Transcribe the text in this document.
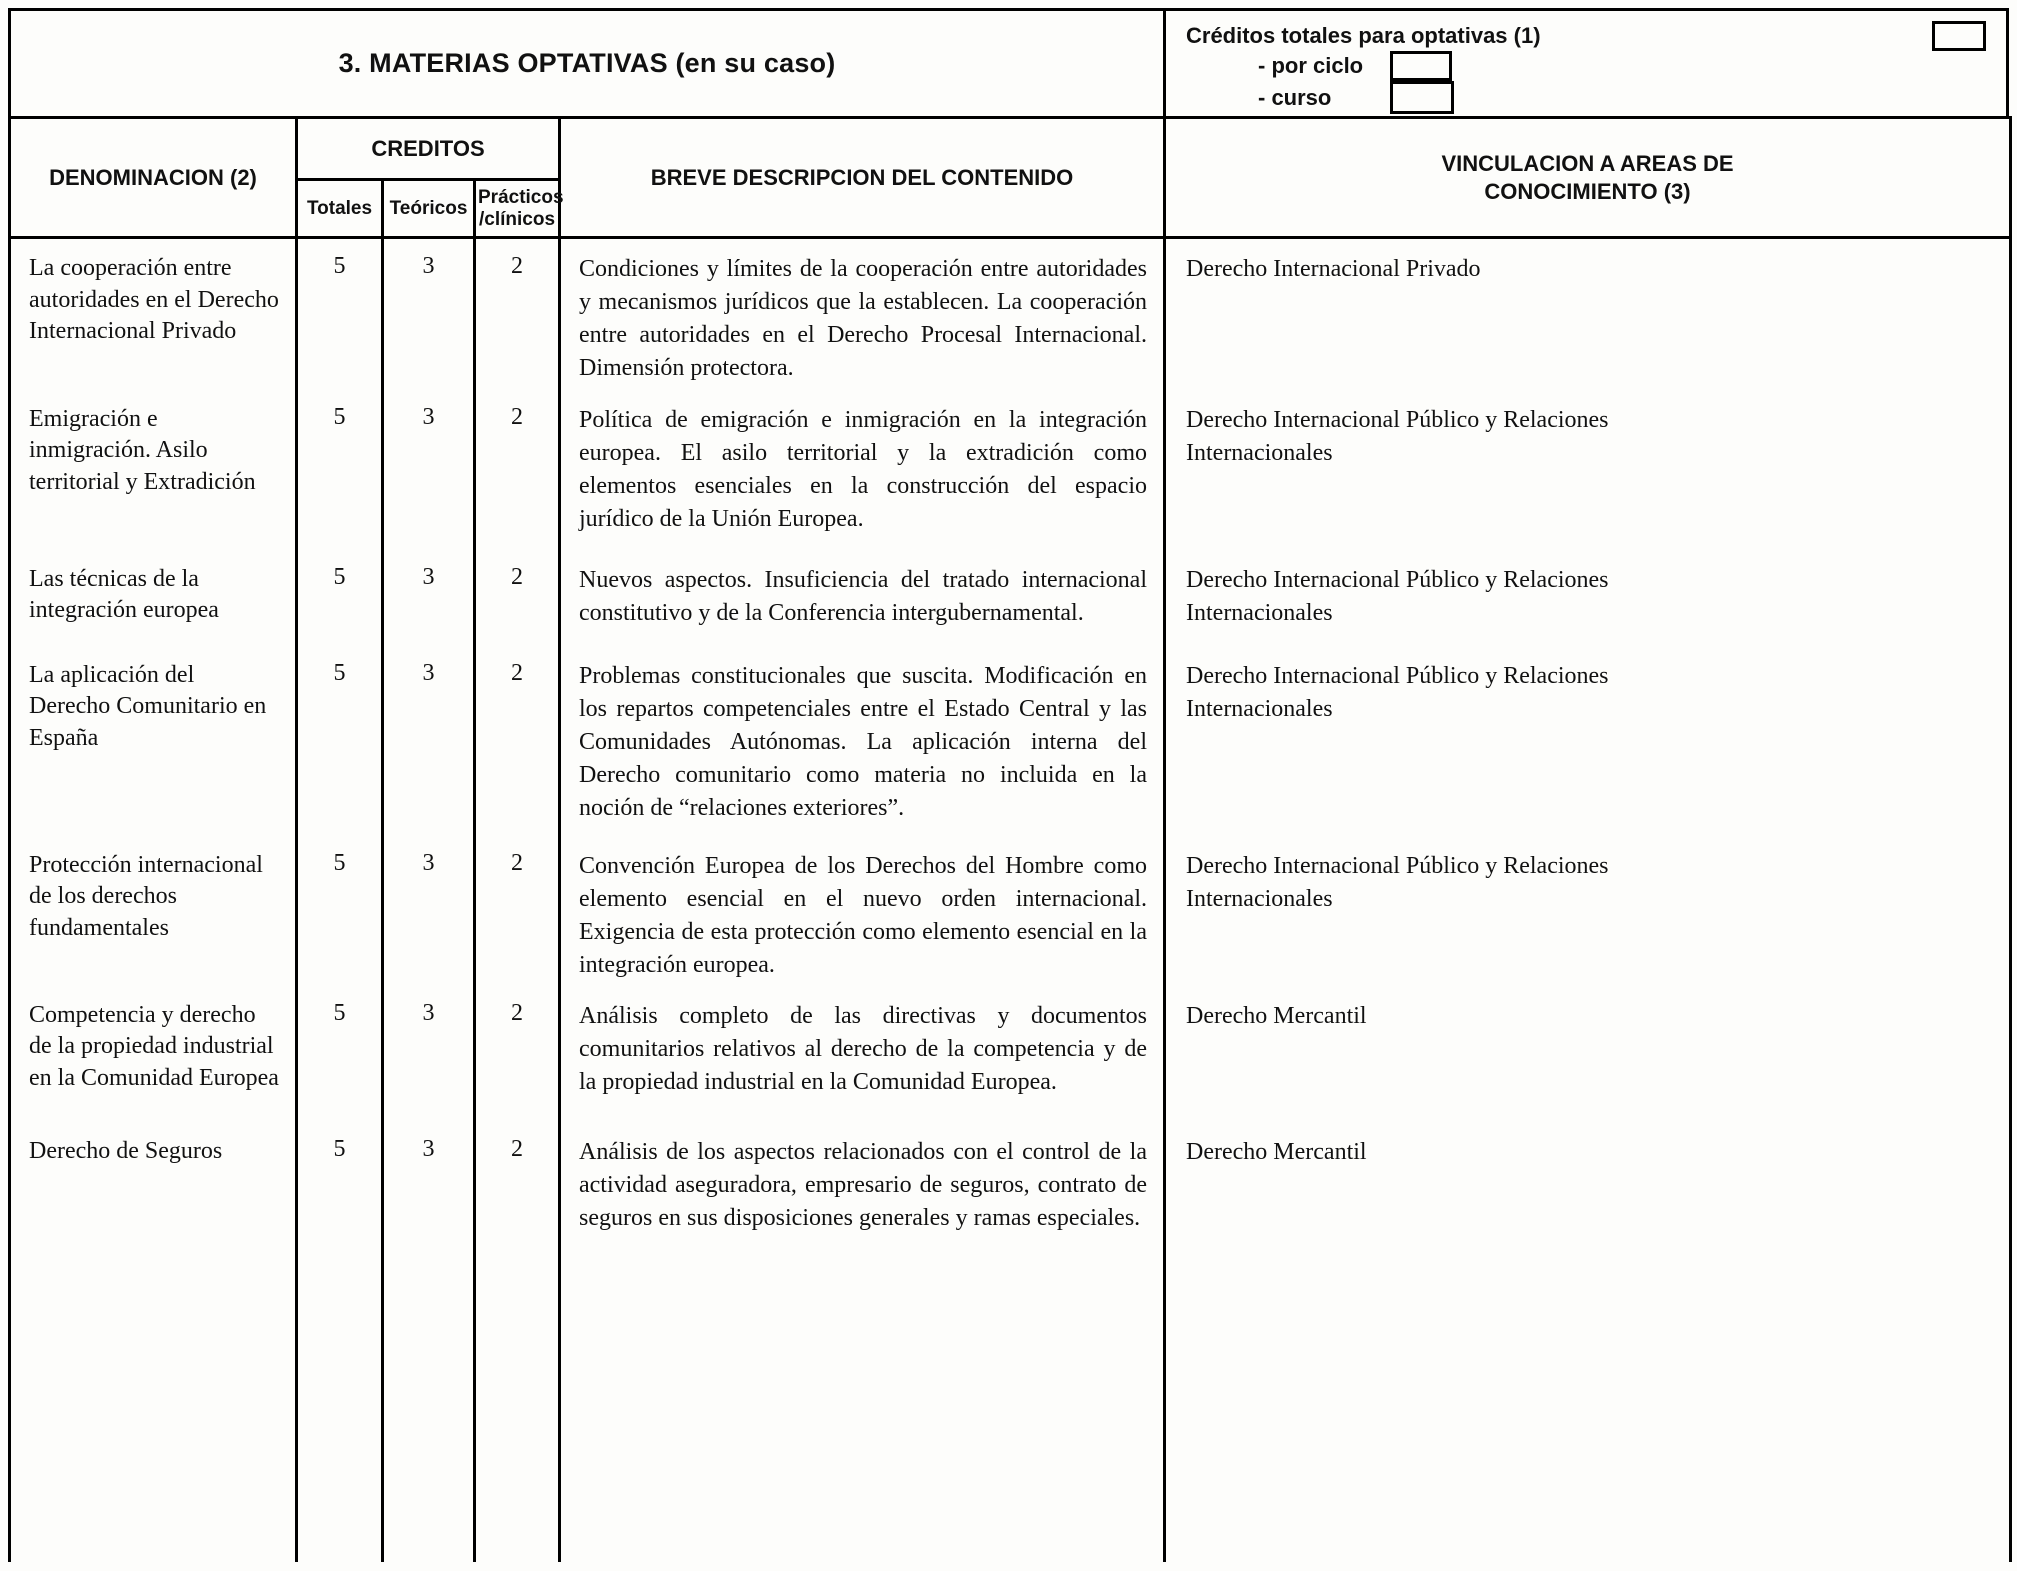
3. MATERIAS OPTATIVAS (en su caso)
Créditos totales para optativas (1)
- por ciclo
- curso
DENOMINACION (2)	CREDITOS			BREVE DESCRIPCION DEL CONTENIDO	VINCULACION A AREAS DE CONOCIMIENTO (3)
	Totales	Teóricos	Prácticos /clínicos		
La cooperación entre autoridades en el Derecho Internacional Privado	5	3	2	Condiciones y límites de la cooperación entre autoridades y mecanismos jurídicos que la establecen. La cooperación entre autoridades en el Derecho Procesal Internacional. Dimensión protectora.	Derecho Internacional Privado
Emigración e inmigración. Asilo territorial y Extradición	5	3	2	Política de emigración e inmigración en la integración europea. El asilo territorial y la extradición como elementos esenciales en la construcción del espacio jurídico de la Unión Europea.	Derecho Internacional Público y Relaciones Internacionales
Las técnicas de la integración europea	5	3	2	Nuevos aspectos. Insuficiencia del tratado internacional constitutivo y de la Conferencia intergubernamental.	Derecho Internacional Público y Relaciones Internacionales
La aplicación del Derecho Comunitario en España	5	3	2	Problemas constitucionales que suscita. Modificación en los repartos competenciales entre el Estado Central y las Comunidades Autónomas. La aplicación interna del Derecho comunitario como materia no incluida en la noción de “relaciones exteriores”.	Derecho Internacional Público y Relaciones Internacionales
Protección internacional de los derechos fundamentales	5	3	2	Convención Europea de los Derechos del Hombre como elemento esencial en el nuevo orden internacional. Exigencia de esta protección como elemento esencial en la integración europea.	Derecho Internacional Público y Relaciones Internacionales
Competencia y derecho de la propiedad industrial en la Comunidad Europea	5	3	2	Análisis completo de las directivas y documentos comunitarios relativos al derecho de la competencia y de la propiedad industrial en la Comunidad Europea.	Derecho Mercantil
Derecho de Seguros	5	3	2	Análisis de los aspectos relacionados con el control de la actividad aseguradora, empresario de seguros, contrato de seguros en sus disposiciones generales y ramas especiales.	Derecho Mercantil
